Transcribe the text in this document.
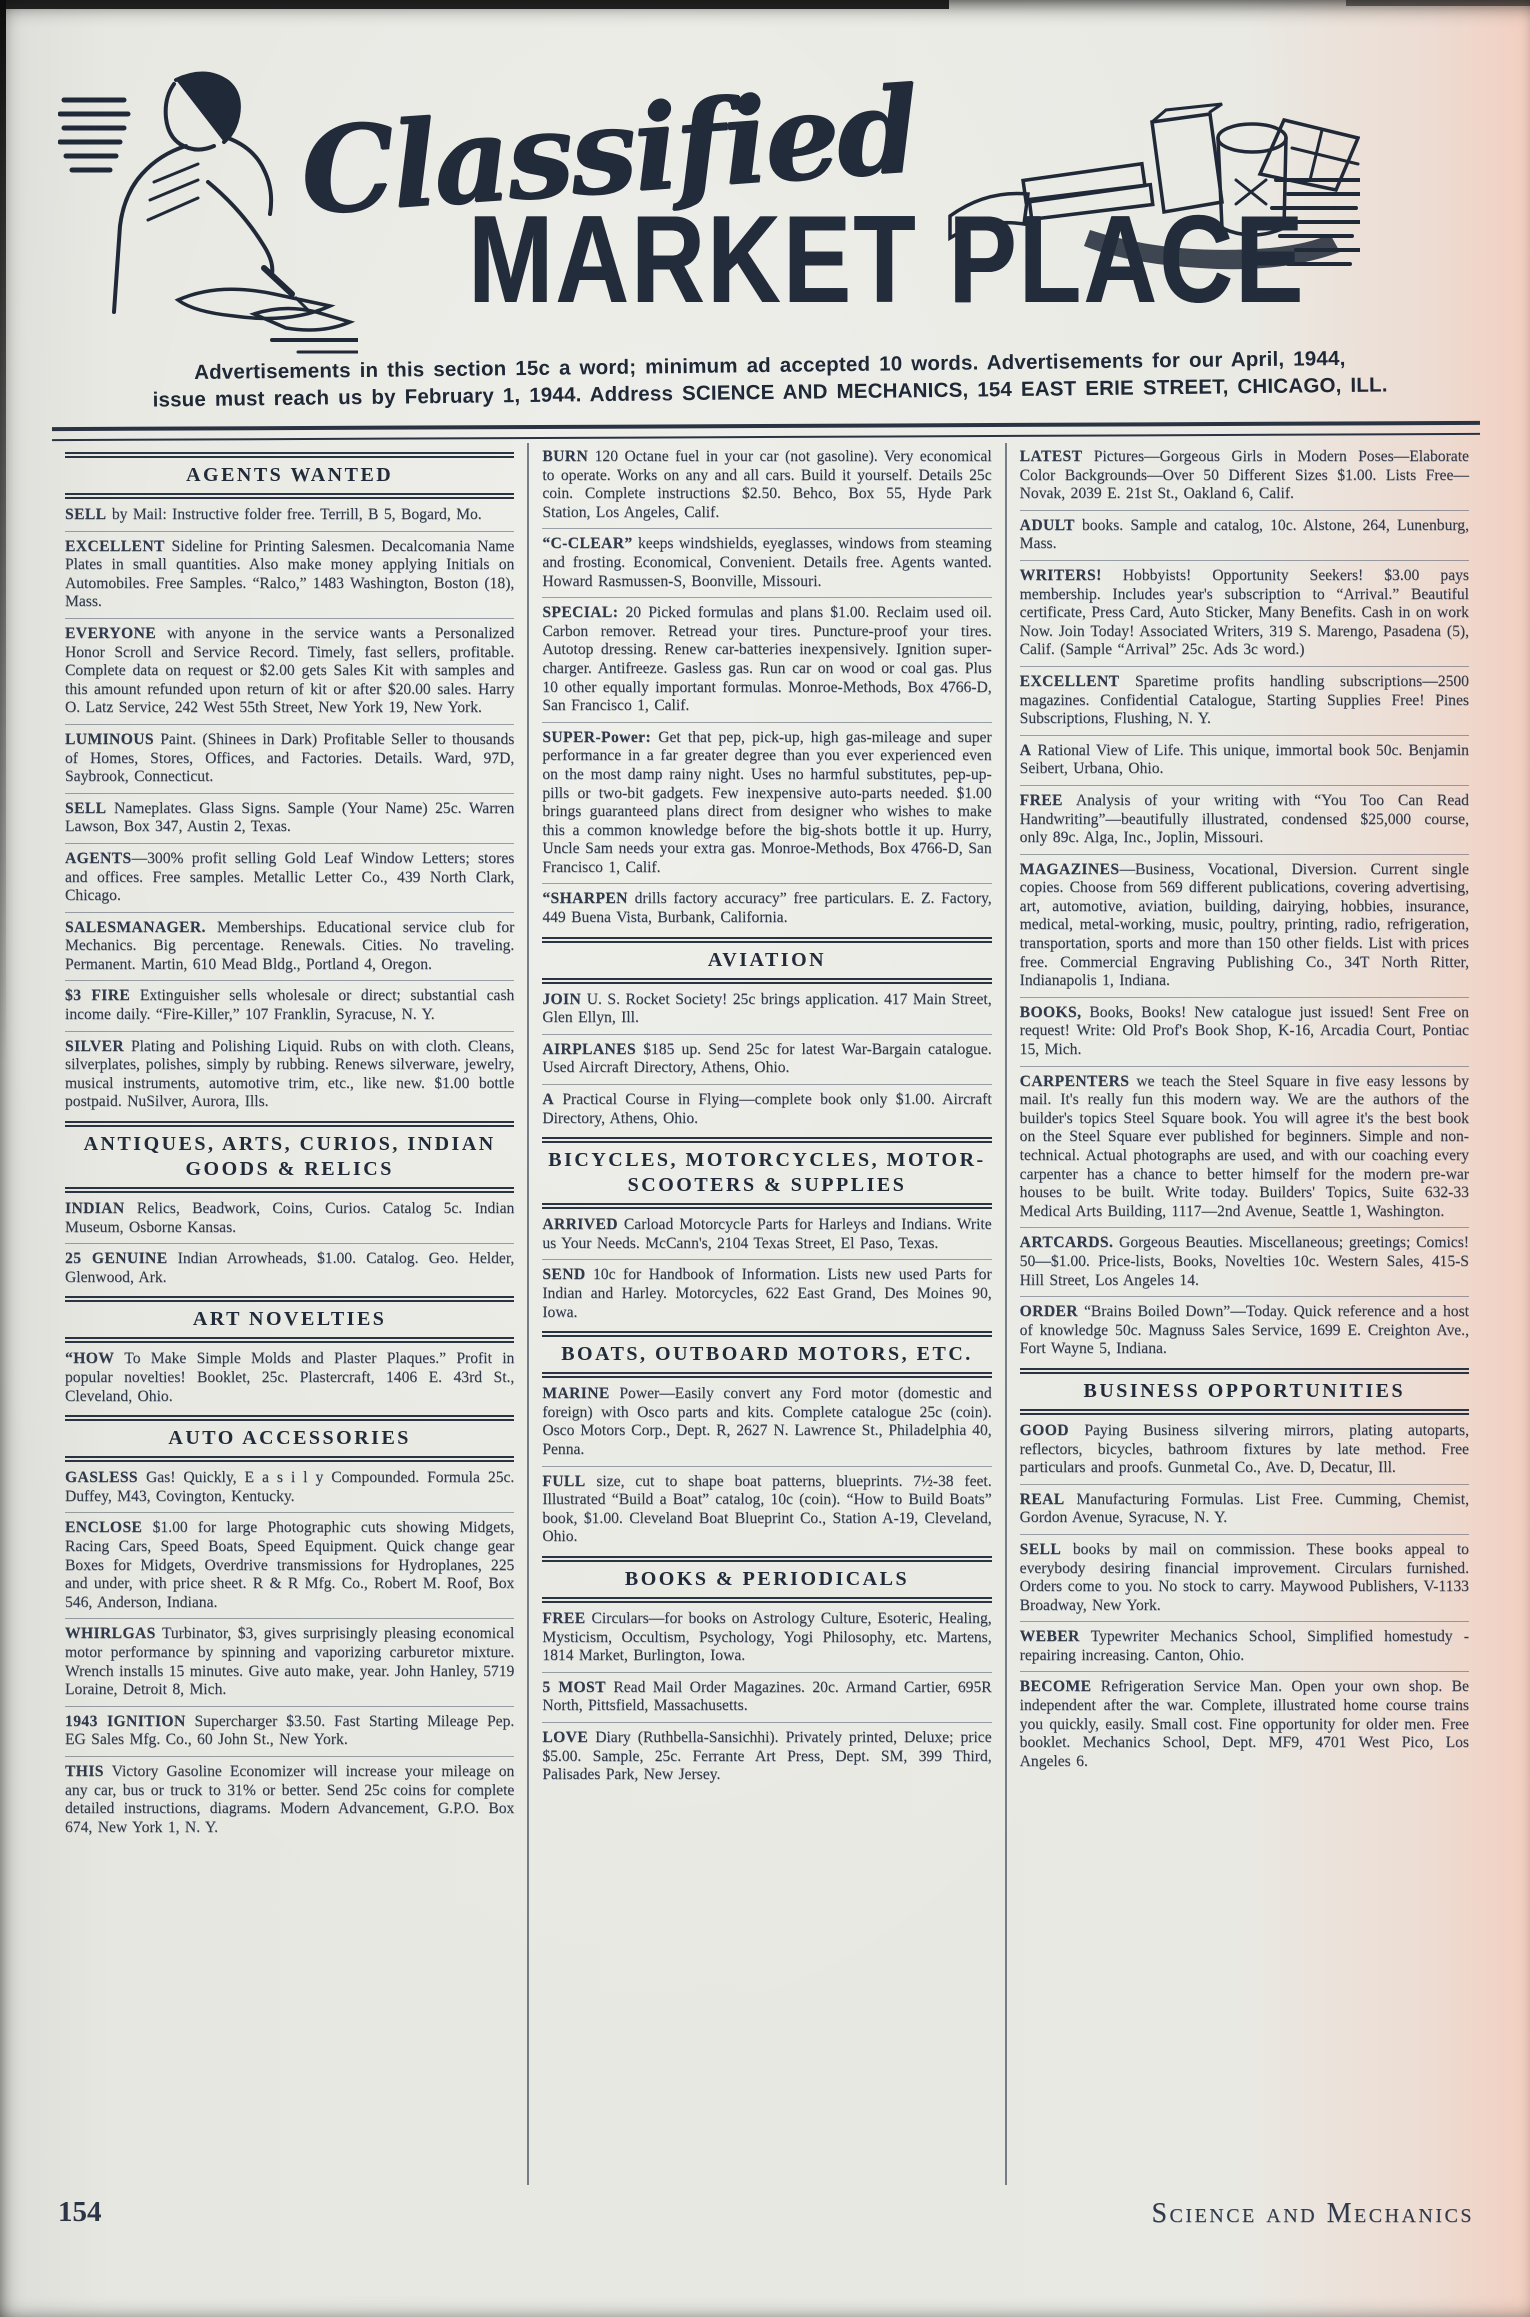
Classified
MARKET PLACE
Advertisements in this section 15c a word; minimum ad accepted 10 words. Advertisements for our April, 1944,
issue must reach us by February 1, 1944. Address SCIENCE AND MECHANICS, 154 EAST ERIE STREET, CHICAGO, ILL.
AGENTS WANTED
SELL by Mail: Instructive folder free. Terrill, B 5, Bogard, Mo.
EXCELLENT Sideline for Printing Salesmen. Decalcomania Name Plates in small quantities. Also make money applying Initials on Automobiles. Free Samples. “Ralco,” 1483 Washington, Boston (18), Mass.
EVERYONE with anyone in the service wants a Personalized Honor Scroll and Service Record. Timely, fast sellers, profitable. Complete data on request or $2.00 gets Sales Kit with samples and this amount refunded upon return of kit or after $20.00 sales. Harry O. Latz Service, 242 West 55th Street, New York 19, New York.
LUMINOUS Paint. (Shinees in Dark) Profitable Seller to thousands of Homes, Stores, Offices, and Factories. Details. Ward, 97D, Saybrook, Connecticut.
SELL Nameplates. Glass Signs. Sample (Your Name) 25c. Warren Lawson, Box 347, Austin 2, Texas.
AGENTS—300% profit selling Gold Leaf Window Letters; stores and offices. Free samples. Metallic Letter Co., 439 North Clark, Chicago.
SALESMANAGER. Memberships. Educational service club for Mechanics. Big percentage. Renewals. Cities. No traveling. Permanent. Martin, 610 Mead Bldg., Portland 4, Oregon.
$3 FIRE Extinguisher sells wholesale or direct; substantial cash income daily. “Fire-Killer,” 107 Franklin, Syracuse, N. Y.
SILVER Plating and Polishing Liquid. Rubs on with cloth. Cleans, silverplates, polishes, simply by rubbing. Renews silverware, jewelry, musical instruments, automotive trim, etc., like new. $1.00 bottle postpaid. NuSilver, Aurora, Ills.
ANTIQUES, ARTS, CURIOS, INDIAN GOODS & RELICS
INDIAN Relics, Beadwork, Coins, Curios. Catalog 5c. Indian Museum, Osborne Kansas.
25 GENUINE Indian Arrowheads, $1.00. Catalog. Geo. Helder, Glenwood, Ark.
ART NOVELTIES
“HOW To Make Simple Molds and Plaster Plaques.” Profit in popular novelties! Booklet, 25c. Plastercraft, 1406 E. 43rd St., Cleveland, Ohio.
AUTO ACCESSORIES
GASLESS Gas! Quickly, E a s i l y Compounded. Formula 25c. Duffey, M43, Covington, Kentucky.
ENCLOSE $1.00 for large Photographic cuts showing Midgets, Racing Cars, Speed Boats, Speed Equipment. Quick change gear Boxes for Midgets, Overdrive transmissions for Hydroplanes, 225 and under, with price sheet. R & R Mfg. Co., Robert M. Roof, Box 546, Anderson, Indiana.
WHIRLGAS Turbinator, $3, gives surprisingly pleasing economical motor performance by spinning and vaporizing carburetor mixture. Wrench installs 15 minutes. Give auto make, year. John Hanley, 5719 Loraine, Detroit 8, Mich.
1943 IGNITION Supercharger $3.50. Fast Starting Mileage Pep. EG Sales Mfg. Co., 60 John St., New York.
THIS Victory Gasoline Economizer will increase your mileage on any car, bus or truck to 31% or better. Send 25c coins for complete detailed instructions, diagrams. Modern Advancement, G.P.O. Box 674, New York 1, N. Y.
BURN 120 Octane fuel in your car (not gasoline). Very economical to operate. Works on any and all cars. Build it yourself. Details 25c coin. Complete instructions $2.50. Behco, Box 55, Hyde Park Station, Los Angeles, Calif.
“C-CLEAR” keeps windshields, eyeglasses, windows from steaming and frosting. Economical, Convenient. Details free. Agents wanted. Howard Rasmussen-S, Boonville, Missouri.
SPECIAL: 20 Picked formulas and plans $1.00. Reclaim used oil. Carbon remover. Retread your tires. Puncture-proof your tires. Autotop dressing. Renew car-batteries inexpensively. Ignition super-charger. Antifreeze. Gasless gas. Run car on wood or coal gas. Plus 10 other equally important formulas. Monroe-Methods, Box 4766-D, San Francisco 1, Calif.
SUPER-Power: Get that pep, pick-up, high gas-mileage and super performance in a far greater degree than you ever experienced even on the most damp rainy night. Uses no harmful substitutes, pep-up-pills or two-bit gadgets. Few inexpensive auto-parts needed. $1.00 brings guaranteed plans direct from designer who wishes to make this a common knowledge before the big-shots bottle it up. Hurry, Uncle Sam needs your extra gas. Monroe-Methods, Box 4766-D, San Francisco 1, Calif.
“SHARPEN drills factory accuracy” free particulars. E. Z. Factory, 449 Buena Vista, Burbank, California.
AVIATION
JOIN U. S. Rocket Society! 25c brings application. 417 Main Street, Glen Ellyn, Ill.
AIRPLANES $185 up. Send 25c for latest War-Bargain catalogue. Used Aircraft Directory, Athens, Ohio.
A Practical Course in Flying—complete book only $1.00. Aircraft Directory, Athens, Ohio.
BICYCLES, MOTORCYCLES, MOTOR-SCOOTERS & SUPPLIES
ARRIVED Carload Motorcycle Parts for Harleys and Indians. Write us Your Needs. McCann's, 2104 Texas Street, El Paso, Texas.
SEND 10c for Handbook of Information. Lists new used Parts for Indian and Harley. Motorcycles, 622 East Grand, Des Moines 90, Iowa.
BOATS, OUTBOARD MOTORS, ETC.
MARINE Power—Easily convert any Ford motor (domestic and foreign) with Osco parts and kits. Complete catalogue 25c (coin). Osco Motors Corp., Dept. R, 2627 N. Lawrence St., Philadelphia 40, Penna.
FULL size, cut to shape boat patterns, blueprints. 7½-38 feet. Illustrated “Build a Boat” catalog, 10c (coin). “How to Build Boats” book, $1.00. Cleveland Boat Blueprint Co., Station A-19, Cleveland, Ohio.
BOOKS & PERIODICALS
FREE Circulars—for books on Astrology Culture, Esoteric, Healing, Mysticism, Occultism, Psychology, Yogi Philosophy, etc. Martens, 1814 Market, Burlington, Iowa.
5 MOST Read Mail Order Magazines. 20c. Armand Cartier, 695R North, Pittsfield, Massachusetts.
LOVE Diary (Ruthbella-Sansichhi). Privately printed, Deluxe; price $5.00. Sample, 25c. Ferrante Art Press, Dept. SM, 399 Third, Palisades Park, New Jersey.
LATEST Pictures—Gorgeous Girls in Modern Poses—Elaborate Color Backgrounds—Over 50 Different Sizes $1.00. Lists Free—Novak, 2039 E. 21st St., Oakland 6, Calif.
ADULT books. Sample and catalog, 10c. Alstone, 264, Lunenburg, Mass.
WRITERS! Hobbyists! Opportunity Seekers! $3.00 pays membership. Includes year's subscription to “Arrival.” Beautiful certificate, Press Card, Auto Sticker, Many Benefits. Cash in on work Now. Join Today! Associated Writers, 319 S. Marengo, Pasadena (5), Calif. (Sample “Arrival” 25c. Ads 3c word.)
EXCELLENT Sparetime profits handling subscriptions—2500 magazines. Confidential Catalogue, Starting Supplies Free! Pines Subscriptions, Flushing, N. Y.
A Rational View of Life. This unique, immortal book 50c. Benjamin Seibert, Urbana, Ohio.
FREE Analysis of your writing with “You Too Can Read Handwriting”—beautifully illustrated, condensed $25,000 course, only 89c. Alga, Inc., Joplin, Missouri.
MAGAZINES—Business, Vocational, Diversion. Current single copies. Choose from 569 different publications, covering advertising, art, automotive, aviation, building, dairying, hobbies, insurance, medical, metal-working, music, poultry, printing, radio, refrigeration, transportation, sports and more than 150 other fields. List with prices free. Commercial Engraving Publishing Co., 34T North Ritter, Indianapolis 1, Indiana.
BOOKS, Books, Books! New catalogue just issued! Sent Free on request! Write: Old Prof's Book Shop, K-16, Arcadia Court, Pontiac 15, Mich.
CARPENTERS we teach the Steel Square in five easy lessons by mail. It's really fun this modern way. We are the authors of the builder's topics Steel Square book. You will agree it's the best book on the Steel Square ever published for beginners. Simple and non-technical. Actual photographs are used, and with our coaching every carpenter has a chance to better himself for the modern pre-war houses to be built. Write today. Builders' Topics, Suite 632-33 Medical Arts Building, 1117—2nd Avenue, Seattle 1, Washington.
ARTCARDS. Gorgeous Beauties. Miscellaneous; greetings; Comics! 50—$1.00. Price-lists, Books, Novelties 10c. Western Sales, 415-S Hill Street, Los Angeles 14.
ORDER “Brains Boiled Down”—Today. Quick reference and a host of knowledge 50c. Magnuss Sales Service, 1699 E. Creighton Ave., Fort Wayne 5, Indiana.
BUSINESS OPPORTUNITIES
GOOD Paying Business silvering mirrors, plating autoparts, reflectors, bicycles, bathroom fixtures by late method. Free particulars and proofs. Gunmetal Co., Ave. D, Decatur, Ill.
REAL Manufacturing Formulas. List Free. Cumming, Chemist, Gordon Avenue, Syracuse, N. Y.
SELL books by mail on commission. These books appeal to everybody desiring financial improvement. Circulars furnished. Orders come to you. No stock to carry. Maywood Publishers, V-1133 Broadway, New York.
WEBER Typewriter Mechanics School, Simplified homestudy - repairing increasing. Canton, Ohio.
BECOME Refrigeration Service Man. Open your own shop. Be independent after the war. Complete, illustrated home course trains you quickly, easily. Small cost. Fine opportunity for older men. Free booklet. Mechanics School, Dept. MF9, 4701 West Pico, Los Angeles 6.
154	Science and Mechanics
